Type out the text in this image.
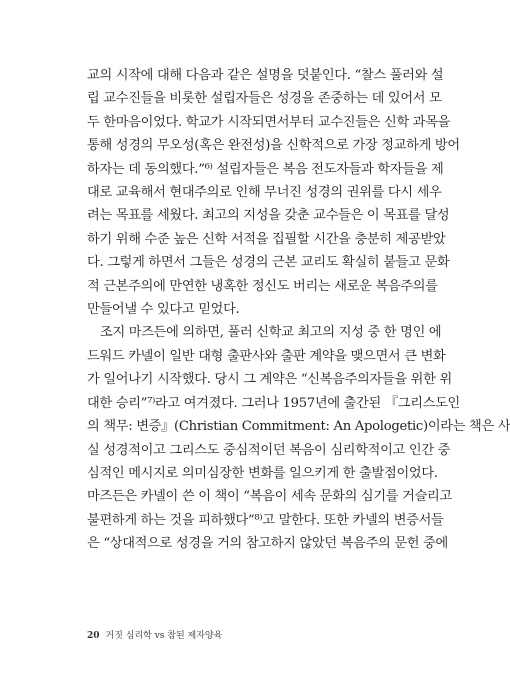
교의 시작에 대해 다음과 같은 설명을 덧붙인다. “찰스 풀러와 설
립 교수진들을 비롯한 설립자들은 성경을 존중하는 데 있어서 모
두 한마음이었다. 학교가 시작되면서부터 교수진들은 신학 과목을
통해 성경의 무오성(혹은 완전성)을 신학적으로 가장 정교하게 방어
하자는 데 동의했다.”⁶⁾ 설립자들은 복음 전도자들과 학자들을 제
대로 교육해서 현대주의로 인해 무너진 성경의 권위를 다시 세우
려는 목표를 세웠다. 최고의 지성을 갖춘 교수들은 이 목표를 달성
하기 위해 수준 높은 신학 서적을 집필할 시간을 충분히 제공받았
다. 그렇게 하면서 그들은 성경의 근본 교리도 확실히 붙들고 문화
적 근본주의에 만연한 냉혹한 정신도 버리는 새로운 복음주의를
만들어낼 수 있다고 믿었다.
조지 마즈든에 의하면, 풀러 신학교 최고의 지성 중 한 명인 에
드워드 카넬이 일반 대형 출판사와 출판 계약을 맺으면서 큰 변화
가 일어나기 시작했다. 당시 그 계약은 “신복음주의자들을 위한 위
대한 승리”⁷⁾라고 여겨졌다. 그러나 1957년에 출간된 『그리스도인
의 책무: 변증』(Christian Commitment: An Apologetic)이라는 책은 사
실 성경적이고 그리스도 중심적이던 복음이 심리학적이고 인간 중
심적인 메시지로 의미심장한 변화를 일으키게 한 출발점이었다.
마즈든은 카넬이 쓴 이 책이 “복음이 세속 문화의 심기를 거슬리고
불편하게 하는 것을 피하했다”⁸⁾고 말한다. 또한 카넬의 변증서들
은 “상대적으로 성경을 거의 참고하지 않았던 복음주의 문헌 중에
20 거짓 심리학 vs 참된 제자양육
